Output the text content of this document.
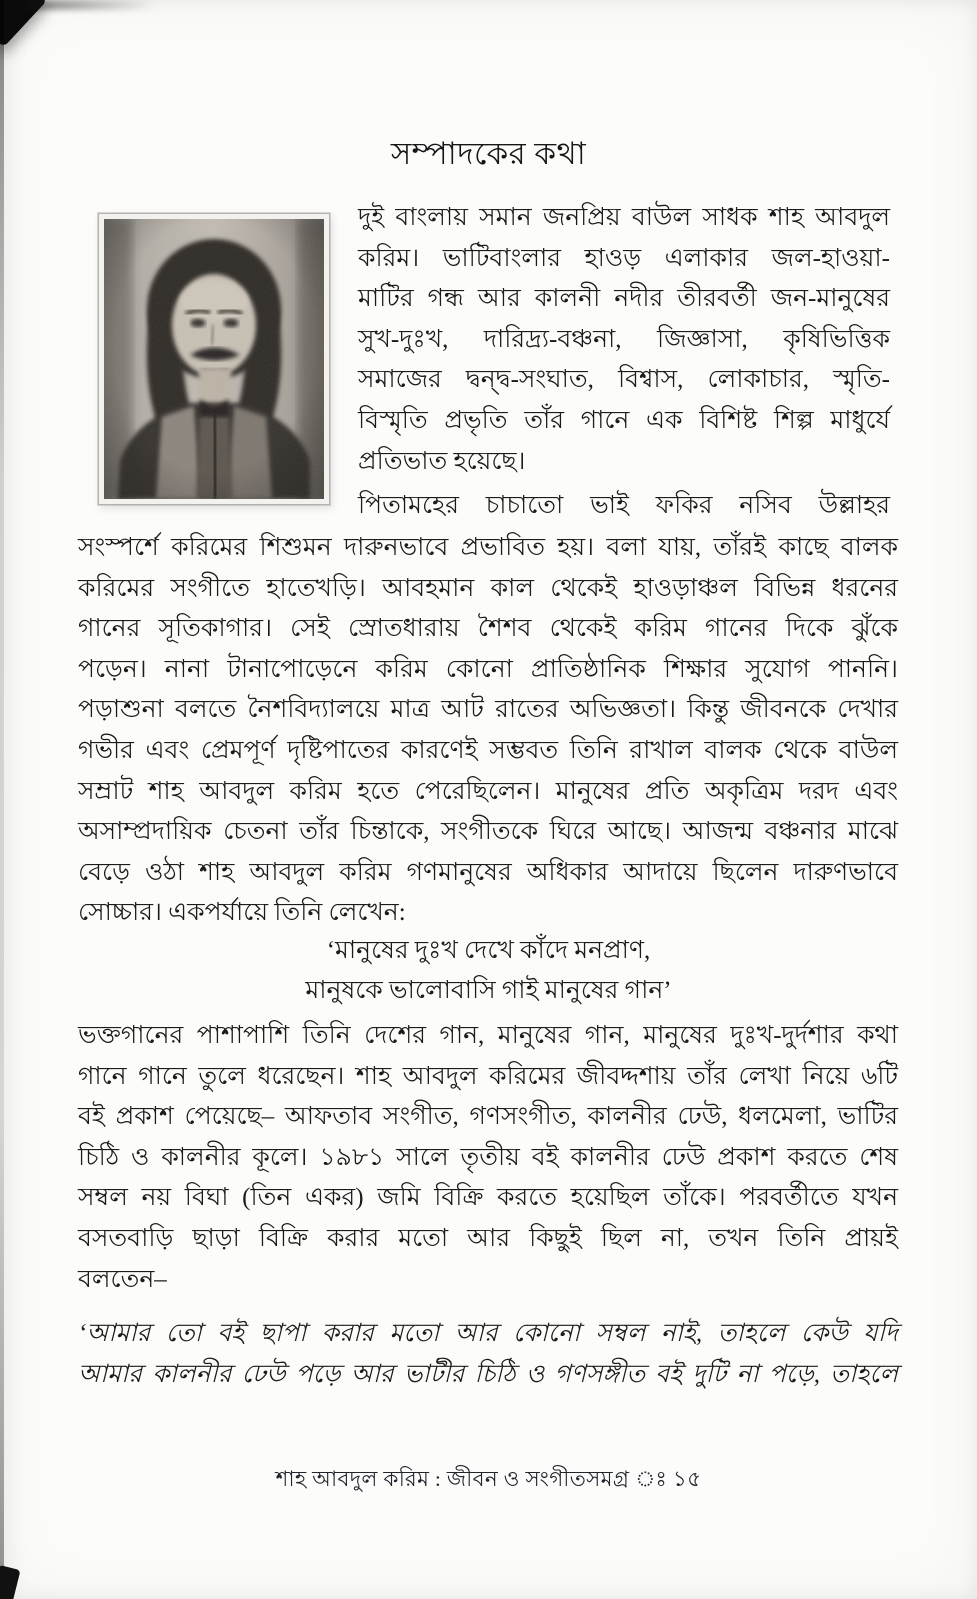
সম্পাদকের কথা
দুই বাংলায় সমান জনপ্রিয় বাউল সাধক শাহ আবদুল
করিম। ভাটিবাংলার হাওড় এলাকার জল-হাওয়া-
মাটির গন্ধ আর কালনী নদীর তীরবর্তী জন-মানুষের
সুখ-দুঃখ, দারিদ্র্য-বঞ্চনা, জিজ্ঞাসা, কৃষিভিত্তিক
সমাজের দ্বন্দ্ব-সংঘাত, বিশ্বাস, লোকাচার, স্মৃতি-
বিস্মৃতি প্রভৃতি তাঁর গানে এক বিশিষ্ট শিল্প মাধুর্যে
প্রতিভাত হয়েছে।
পিতামহের চাচাতো ভাই ফকির নসিব উল্লাহর
সংস্পর্শে করিমের শিশুমন দারুনভাবে প্রভাবিত হয়। বলা যায়, তাঁরই কাছে বালক
করিমের সংগীতে হাতেখড়ি। আবহমান কাল থেকেই হাওড়াঞ্চল বিভিন্ন ধরনের
গানের সূতিকাগার। সেই স্রোতধারায় শৈশব থেকেই করিম গানের দিকে ঝুঁকে
পড়েন। নানা টানাপোড়েনে করিম কোনো প্রাতিষ্ঠানিক শিক্ষার সুযোগ পাননি।
পড়াশুনা বলতে নৈশবিদ্যালয়ে মাত্র আট রাতের অভিজ্ঞতা। কিন্তু জীবনকে দেখার
গভীর এবং প্রেমপূর্ণ দৃষ্টিপাতের কারণেই সম্ভবত তিনি রাখাল বালক থেকে বাউল
সম্রাট শাহ আবদুল করিম হতে পেরেছিলেন। মানুষের প্রতি অকৃত্রিম দরদ এবং
অসাম্প্রদায়িক চেতনা তাঁর চিন্তাকে, সংগীতকে ঘিরে আছে। আজন্ম বঞ্চনার মাঝে
বেড়ে ওঠা শাহ আবদুল করিম গণমানুষের অধিকার আদায়ে ছিলেন দারুণভাবে
সোচ্চার। একপর্যায়ে তিনি লেখেন:
‘মানুষের দুঃখ দেখে কাঁদে মনপ্রাণ,
মানুষকে ভালোবাসি গাই মানুষের গান’
ভক্তগানের পাশাপাশি তিনি দেশের গান, মানুষের গান, মানুষের দুঃখ-দুর্দশার কথা
গানে গানে তুলে ধরেছেন। শাহ আবদুল করিমের জীবদ্দশায় তাঁর লেখা নিয়ে ৬টি
বই প্রকাশ পেয়েছে– আফতাব সংগীত, গণসংগীত, কালনীর ঢেউ, ধলমেলা, ভাটির
চিঠি ও কালনীর কূলে। ১৯৮১ সালে তৃতীয় বই কালনীর ঢেউ প্রকাশ করতে শেষ
সম্বল নয় বিঘা (তিন একর) জমি বিক্রি করতে হয়েছিল তাঁকে। পরবর্তীতে যখন
বসতবাড়ি ছাড়া বিক্রি করার মতো আর কিছুই ছিল না, তখন তিনি প্রায়ই
বলতেন–
‘আমার তো বই ছাপা করার মতো আর কোনো সম্বল নাই, তাহলে কেউ যদি
আমার কালনীর ঢেউ পড়ে আর ভাটীর চিঠি ও গণসঙ্গীত বই দুটি না পড়ে, তাহলে
শাহ আবদুল করিম : জীবন ও সংগীতসমগ্র ঃ ১৫
